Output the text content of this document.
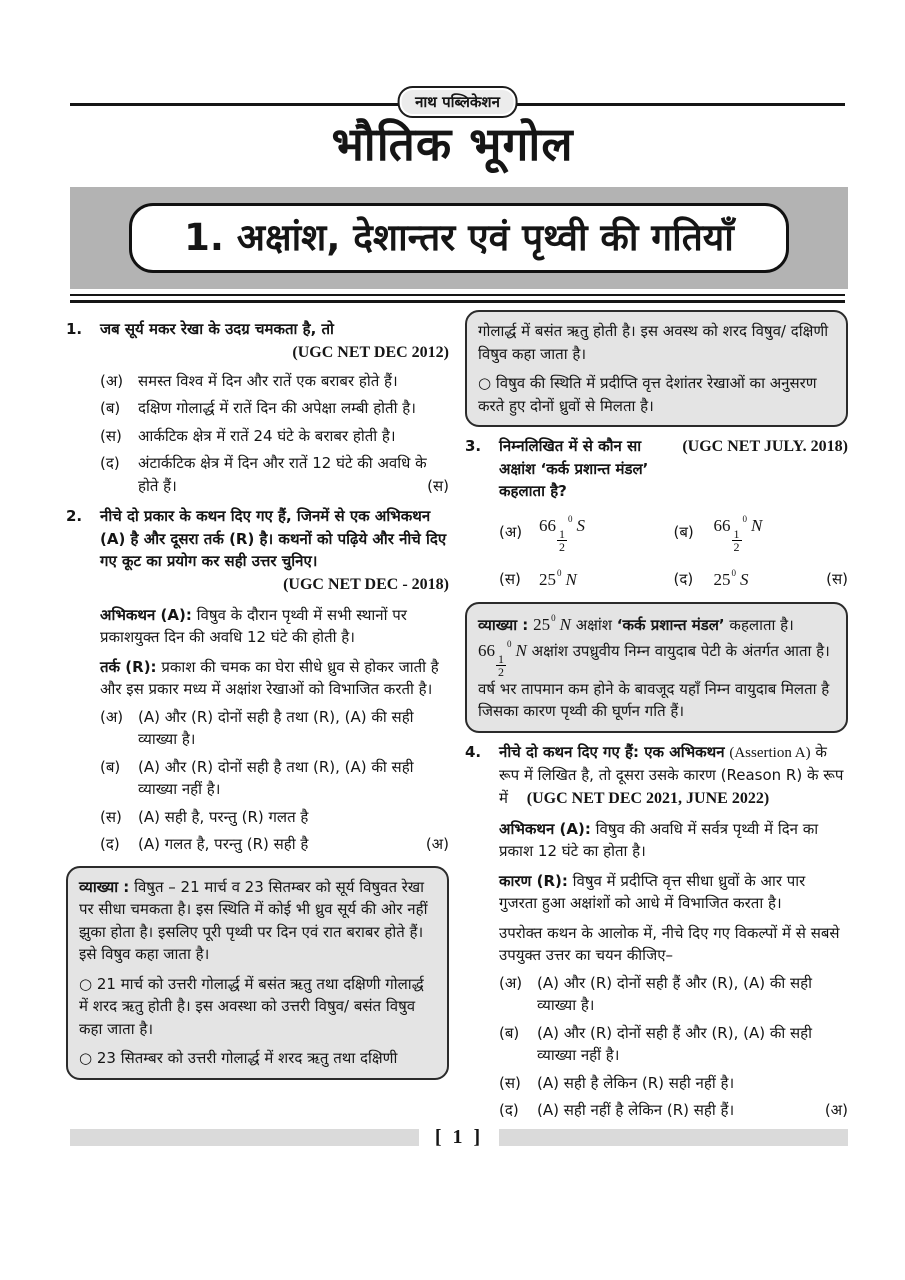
नाथ पब्लिकेशन
भौतिक भूगोल
1. अक्षांश, देशान्तर एवं पृथ्वी की गतियाँ
1.	जब सूर्य मकर रेखा के उदग्र चमकता है, तो
(UGC NET DEC 2012)
(अ) समस्त विश्व में दिन और रातें एक बराबर होते हैं।
(ब)	दक्षिण गोलार्द्ध में रातें दिन की अपेक्षा लम्बी होती है।
(स)	आर्कटिक क्षेत्र में रातें 24 घंटे के बराबर होती है।
(द)	अंटार्कटिक क्षेत्र में दिन और रातें 12 घंटे की अवधि के होते हैं।	(स)
2.	नीचे दो प्रकार के कथन दिए गए हैं, जिनमें से एक अभिकथन (A) है और दूसरा तर्क (R) है। कथनों को पढ़िये और नीचे दिए गए कूट का प्रयोग कर सही उत्तर चुनिए।
(UGC NET DEC - 2018)
अभिकथन (A): विषुव के दौरान पृथ्वी में सभी स्थानों पर प्रकाशयुक्त दिन की अवधि 12 घंटे की होती है।
तर्क (R): प्रकाश की चमक का घेरा सीधे ध्रुव से होकर जाती है और इस प्रकार मध्य में अक्षांश रेखाओं को विभाजित करती है।
(अ) (A) और (R) दोनों सही है तथा (R), (A) की सही व्याख्या है।
(ब)	(A) और (R) दोनों सही है तथा (R), (A) की सही व्याख्या नहीं है।
(स)	(A) सही है, परन्तु (R) गलत है
(द)	(A) गलत है, परन्तु (R) सही है	(अ)

व्याख्या : विषुत – 21 मार्च व 23 सितम्बर को सूर्य विषुवत रेखा पर सीधा चमकता है। इस स्थिति में कोई भी ध्रुव सूर्य की ओर नहीं झुका होता है। इसलिए पूरी पृथ्वी पर दिन एवं रात बराबर होते हैं। इसे विषुव कहा जाता है।

○ 21 मार्च को उत्तरी गोलार्द्ध में बसंत ऋतु तथा दक्षिणी गोलार्द्ध में शरद ऋतु होती है। इस अवस्था को उत्तरी विषुव/ बसंत विषुव कहा जाता है।

○ 23 सितम्बर को उत्तरी गोलार्द्ध में शरद ऋतु तथा दक्षिणी

गोलार्द्ध में बसंत ऋतु होती है। इस अवस्थ को शरद विषुव/ दक्षिणी विषुव कहा जाता है।

○ विषुव की स्थिति में प्रदीप्ति वृत्त देशांतर रेखाओं का अनुसरण करते हुए दोनों ध्रुवों से मिलता है।

3.	(UGC NET JULY. 2018)
निम्नलिखित में से कौन सा अक्षांश ‘कर्क प्रशान्त मंडल’ कहलाता है?
(अ) 66
$\frac{1}{2}$
$^0$ S	(ब)	66
$\frac{1}{2}$
$^0$ N
(स)	$25^0$ N	(द)	$25^0$ S	(स)

व्याख्या : $25^0$ N अक्षांश ‘कर्क प्रशान्त मंडल’ कहलाता है। 66
$\frac{1}{2}$
$^0$ N अक्षांश उपध्रुवीय निम्न वायुदाब पेटी के अंतर्गत आता है। वर्ष भर तापमान कम होने के बावजूद यहाँ निम्न वायुदाब मिलता है जिसका कारण पृथ्वी की घूर्णन गति हैं।

4.	नीचे दो कथन दिए गए हैं: एक अभिकथन (Assertion A) के रूप में लिखित है, तो दूसरा उसके कारण (Reason R) के रूप में (UGC NET DEC 2021, JUNE 2022)
अभिकथन (A): विषुव की अवधि में सर्वत्र पृथ्वी में दिन का प्रकाश 12 घंटे का होता है।
कारण (R): विषुव में प्रदीप्ति वृत्त सीधा ध्रुवों के आर पार गुजरता हुआ अक्षांशों को आधे में विभाजित करता है।
उपरोक्त कथन के आलोक में, नीचे दिए गए विकल्पों में से सबसे उपयुक्त उत्तर का चयन कीजिए–
(अ) (A) और (R) दोनों सही हैं और (R), (A) की सही व्याख्या है।
(ब)	(A) और (R) दोनों सही हैं और (R), (A) की सही व्याख्या नहीं है।
(स)	(A) सही है लेकिन (R) सही नहीं है।
(द)	(A) सही नहीं है लेकिन (R) सही हैं।	(अ)
[ 1 ]
